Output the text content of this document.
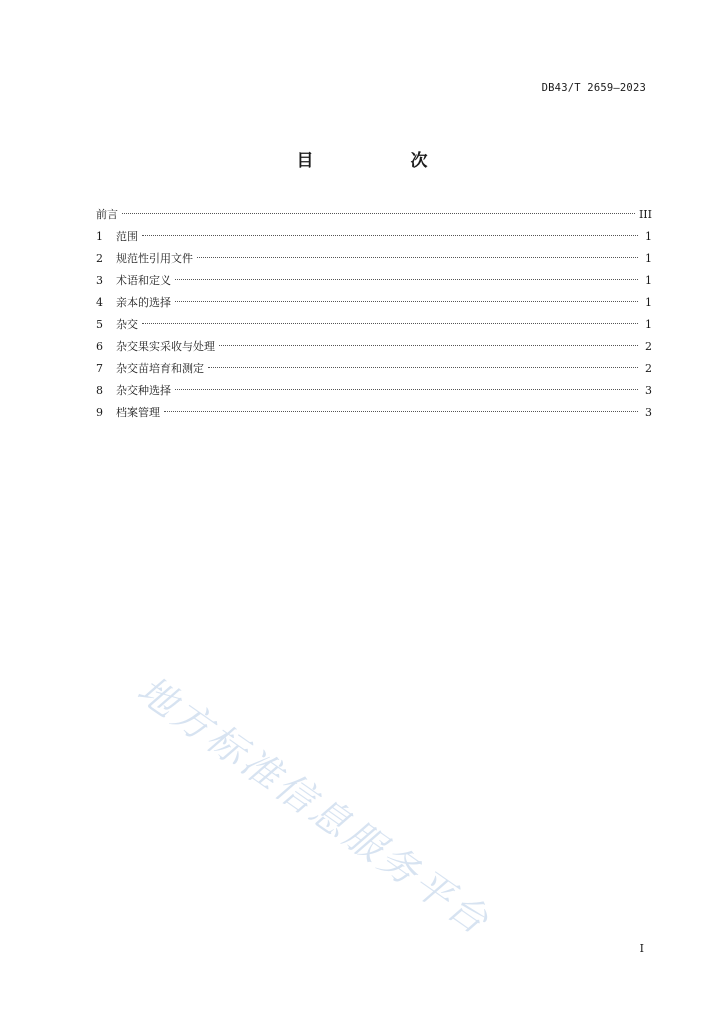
DB43/T 2659—2023
目　次
前言	III
1	范围	1
2	规范性引用文件	1
3	术语和定义	1
4	亲本的选择	1
5	杂交	1
6	杂交果实采收与处理	2
7	杂交苗培育和测定	2
8	杂交种选择	3
9	档案管理	3
地方标准信息服务平台
I
